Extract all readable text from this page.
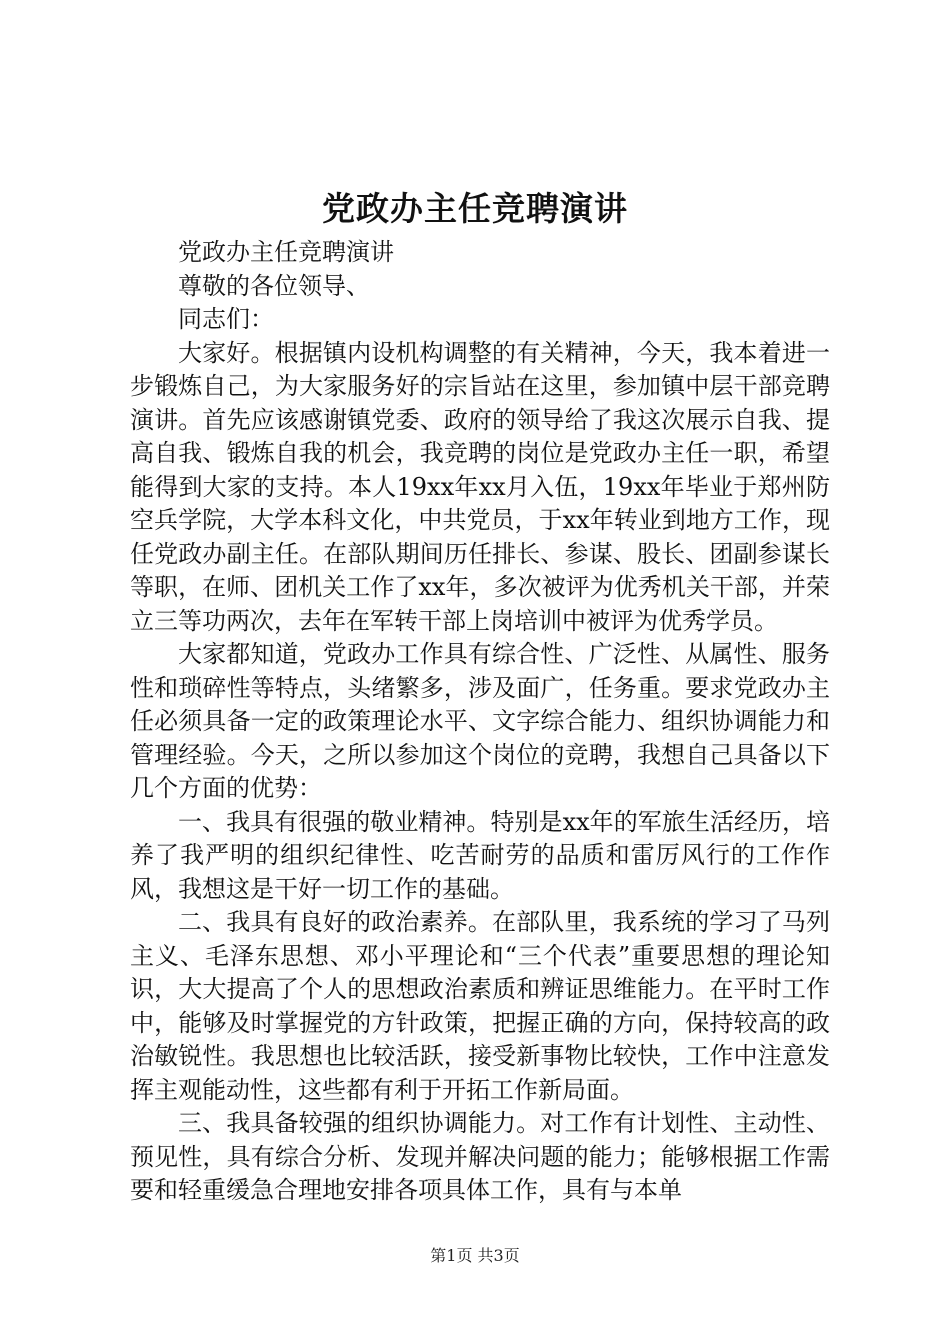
党政办主任竞聘演讲

党政办主任竞聘演讲

尊敬的各位领导、

同志们：

大家好。根据镇内设机构调整的有关精神，今天，我本着进一步锻炼自己，为大家服务好的宗旨站在这里，参加镇中层干部竞聘演讲。首先应该感谢镇党委、政府的领导给了我这次展示自我、提高自我、锻炼自我的机会，我竞聘的岗位是党政办主任一职，希望能得到大家的支持。本人19xx年xx月入伍，19xx年毕业于郑州防空兵学院，大学本科文化，中共党员，于xx年转业到地方工作，现任党政办副主任。在部队期间历任排长、参谋、股长、团副参谋长等职，在师、团机关工作了xx年，多次被评为优秀机关干部，并荣立三等功两次，去年在军转干部上岗培训中被评为优秀学员。

大家都知道，党政办工作具有综合性、广泛性、从属性、服务性和琐碎性等特点，头绪繁多，涉及面广，任务重。要求党政办主任必须具备一定的政策理论水平、文字综合能力、组织协调能力和管理经验。今天，之所以参加这个岗位的竞聘，我想自己具备以下几个方面的优势：

一、我具有很强的敬业精神。特别是xx年的军旅生活经历，培养了我严明的组织纪律性、吃苦耐劳的品质和雷厉风行的工作作风，我想这是干好一切工作的基础。

二、我具有良好的政治素养。在部队里，我系统的学习了马列主义、毛泽东思想、邓小平理论和“三个代表”重要思想的理论知识，大大提高了个人的思想政治素质和辨证思维能力。在平时工作中，能够及时掌握党的方针政策，把握正确的方向，保持较高的政治敏锐性。我思想也比较活跃，接受新事物比较快，工作中注意发挥主观能动性，这些都有利于开拓工作新局面。

三、我具备较强的组织协调能力。对工作有计划性、主动性、预见性，具有综合分析、发现并解决问题的能力；能够根据工作需要和轻重缓急合理地安排各项具体工作，具有与本单

第1页 共3页
